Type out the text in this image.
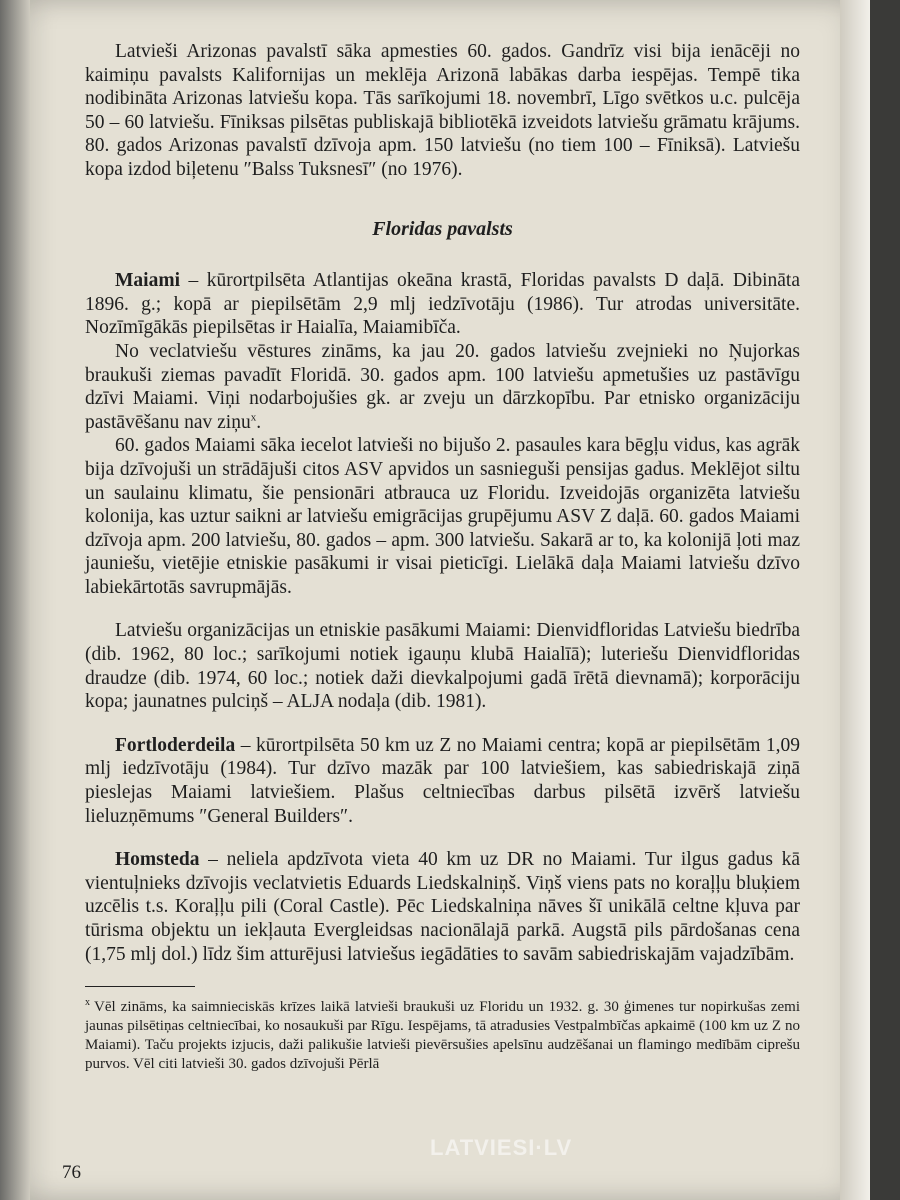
Latvieši Arizonas pavalstī sāka apmesties 60. gados. Gandrīz visi bija ienācēji no kaimiņu pavalsts Kalifornijas un meklēja Arizonā labākas darba iespējas. Tempē tika nodibināta Arizonas latviešu kopa. Tās sarīkojumi 18. novembrī, Līgo svētkos u.c. pulcēja 50 – 60 latviešu. Fīniksas pilsētas publiskajā bibliotēkā izveidots latviešu grāmatu krājums. 80. gados Arizonas pavalstī dzīvoja apm. 150 latviešu (no tiem 100 – Fīniksā). Latviešu kopa izdod biļetenu ″Balss Tuksnesī″ (no 1976).

Floridas pavalsts

Maiami – kūrortpilsēta Atlantijas okeāna krastā, Floridas pavalsts D daļā. Dibināta 1896. g.; kopā ar piepilsētām 2,9 mlj iedzīvotāju (1986). Tur atrodas universitāte. Nozīmīgākās piepilsētas ir Haialīa, Maiamibīča.

No veclatviešu vēstures zināms, ka jau 20. gados latviešu zvejnieki no Ņujorkas braukuši ziemas pavadīt Floridā. 30. gados apm. 100 latviešu apmetušies uz pastāvīgu dzīvi Maiami. Viņi nodarbojušies gk. ar zveju un dārzkopību. Par etnisko organizāciju pastāvēšanu nav ziņu$^x$.

60. gados Maiami sāka iecelot latvieši no bijušo 2. pasaules kara bēgļu vidus, kas agrāk bija dzīvojuši un strādājuši citos ASV apvidos un sasnieguši pensijas gadus. Meklējot siltu un saulainu klimatu, šie pensionāri atbrauca uz Floridu. Izveidojās organizēta latviešu kolonija, kas uztur saikni ar latviešu emigrācijas grupējumu ASV Z daļā. 60. gados Maiami dzīvoja apm. 200 latviešu, 80. gados – apm. 300 latviešu. Sakarā ar to, ka kolonijā ļoti maz jauniešu, vietējie etniskie pasākumi ir visai pieticīgi. Lielākā daļa Maiami latviešu dzīvo labiekārtotās savrupmājās.

Latviešu organizācijas un etniskie pasākumi Maiami: Dienvidfloridas Latviešu biedrība (dib. 1962, 80 loc.; sarīkojumi notiek igauņu klubā Haialīā); luteriešu Dienvidfloridas draudze (dib. 1974, 60 loc.; notiek daži dievkalpojumi gadā īrētā dievnamā); korporāciju kopa; jaunatnes pulciņš – ALJA nodaļa (dib. 1981).

Fortloderdeila – kūrortpilsēta 50 km uz Z no Maiami centra; kopā ar piepilsētām 1,09 mlj iedzīvotāju (1984). Tur dzīvo mazāk par 100 latviešiem, kas sabiedriskajā ziņā pieslejas Maiami latviešiem. Plašus celtniecības darbus pilsētā izvērš latviešu lieluzņēmums ″General Builders″.

Homsteda – neliela apdzīvota vieta 40 km uz DR no Maiami. Tur ilgus gadus kā vientuļnieks dzīvojis veclatvietis Eduards Liedskalniņš. Viņš viens pats no koraļļu bluķiem uzcēlis t.s. Koraļļu pili (Coral Castle). Pēc Liedskalniņa nāves šī unikālā celtne kļuva par tūrisma objektu un iekļauta Evergleidsas nacionālajā parkā. Augstā pils pārdošanas cena (1,75 mlj dol.) līdz šim atturējusi latviešus iegādāties to savām sabiedriskajām vajadzībām.

$^x$ Vēl zināms, ka saimnieciskās krīzes laikā latvieši braukuši uz Floridu un 1932. g. 30 ģimenes tur nopirkušas zemi jaunas pilsētiņas celtniecībai, ko nosaukuši par Rīgu. Iespējams, tā atradusies Vestpalmbīčas apkaimē (100 km uz Z no Maiami). Taču projekts izjucis, daži palikušie latvieši pievērsušies apelsīnu audzēšanai un flamingo medībām ciprešu purvos. Vēl citi latvieši 30. gados dzīvojuši Pērlā

76
LATVIESI·LV
